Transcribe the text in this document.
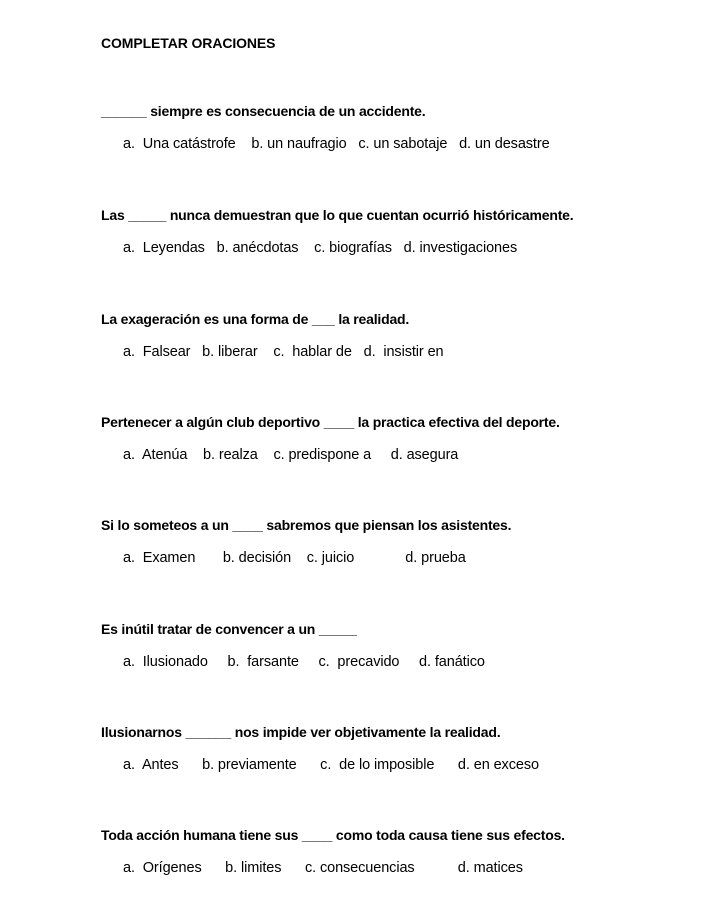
COMPLETAR ORACIONES
______ siempre es consecuencia de un accidente.
a.  Una catástrofe    b. un naufragio   c. un sabotaje   d. un desastre
Las _____ nunca demuestran que lo que cuentan ocurrió históricamente.
a.  Leyendas   b. anécdotas    c. biografías   d. investigaciones
La exageración es una forma de ___ la realidad.
a.  Falsear   b. liberar    c.  hablar de   d.  insistir en
Pertenecer a algún club deportivo ____ la practica efectiva del deporte.
a.  Atenúa    b. realza    c. predispone a     d. asegura
Si lo someteos a un ____ sabremos que piensan los asistentes.
a.  Examen       b. decisión    c. juicio             d. prueba
Es inútil tratar de convencer a un _____
a.  Ilusionado     b.  farsante     c.  precavido     d. fanático
Ilusionarnos ______ nos impide ver objetivamente la realidad.
a.  Antes      b. previamente      c.  de lo imposible      d. en exceso
Toda acción humana tiene sus ____ como toda causa tiene sus efectos.
a.  Orígenes      b. limites      c. consecuencias           d. matices
